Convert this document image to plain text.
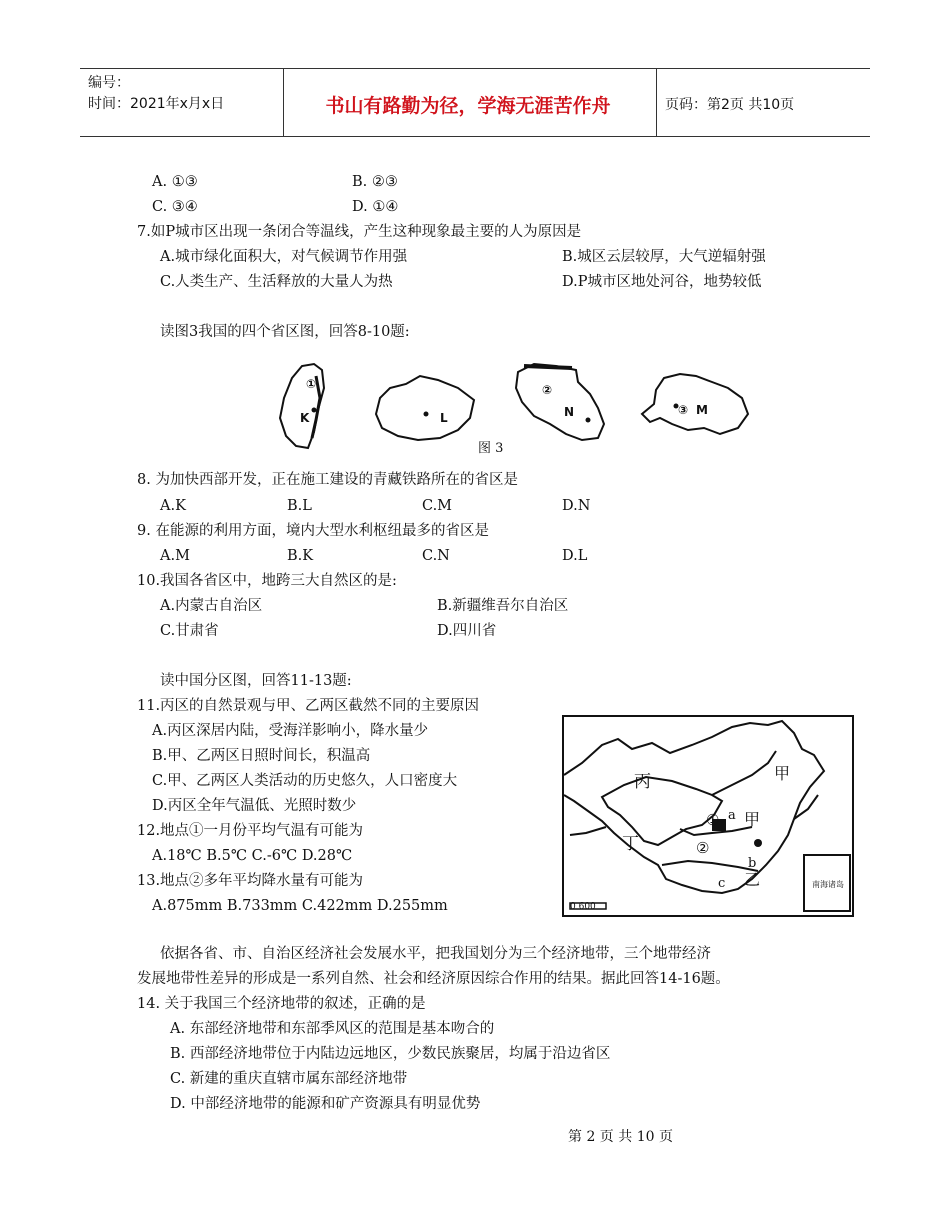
编号：
时间：2021年x月x日	书山有路勤为径，学海无涯苦作舟	页码：第2页 共10页
A. ①③	B. ②③
C. ③④	D. ①④
7.如P城市区出现一条闭合等温线，产生这种现象最主要的人为原因是
A.城市绿化面积大，对气候调节作用强	B.城区云层较厚，大气逆辐射强
C.人类生产、生活释放的大量人为热	D.P城市区地处河谷，地势较低
读图3我国的四个省区图，回答8-10题:
①
K	L
②
N	③ M
图 3
8. 为加快西部开发，正在施工建设的青藏铁路所在的省区是
A.K	B.L	C.M	D.N
9. 在能源的利用方面，境内大型水利枢纽最多的省区是
A.M	B.K	C.N	D.L
10.我国各省区中，地跨三大自然区的是:
A.内蒙古自治区	B.新疆维吾尔自治区
C.甘肃省	D.四川省
读中国分区图，回答11-13题:
11.丙区的自然景观与甲、乙两区截然不同的主要原因
A.丙区深居内陆，受海洋影响小，降水量少
B.甲、乙两区日照时间长，积温高
C.甲、乙两区人类活动的历史悠久，人口密度大
D.丙区全年气温低、光照时数少
12.地点①一月份平均气温有可能为
A.18℃ B.5℃ C.-6℃ D.28℃
13.地点②多年平均降水量有可能为
A.875mm B.733mm C.422mm D.255mm
丙	甲
甲
丁
乙
a
b
c
①
②
0 600
南海诸岛
依据各省、市、自治区经济社会发展水平，把我国划分为三个经济地带，三个地带经济
发展地带性差异的形成是一系列自然、社会和经济原因综合作用的结果。据此回答14-16题。
14. 关于我国三个经济地带的叙述，正确的是
A. 东部经济地带和东部季风区的范围是基本吻合的
B. 西部经济地带位于内陆边远地区，少数民族聚居，均属于沿边省区
C. 新建的重庆直辖市属东部经济地带
D. 中部经济地带的能源和矿产资源具有明显优势
第 2 页 共 10 页
